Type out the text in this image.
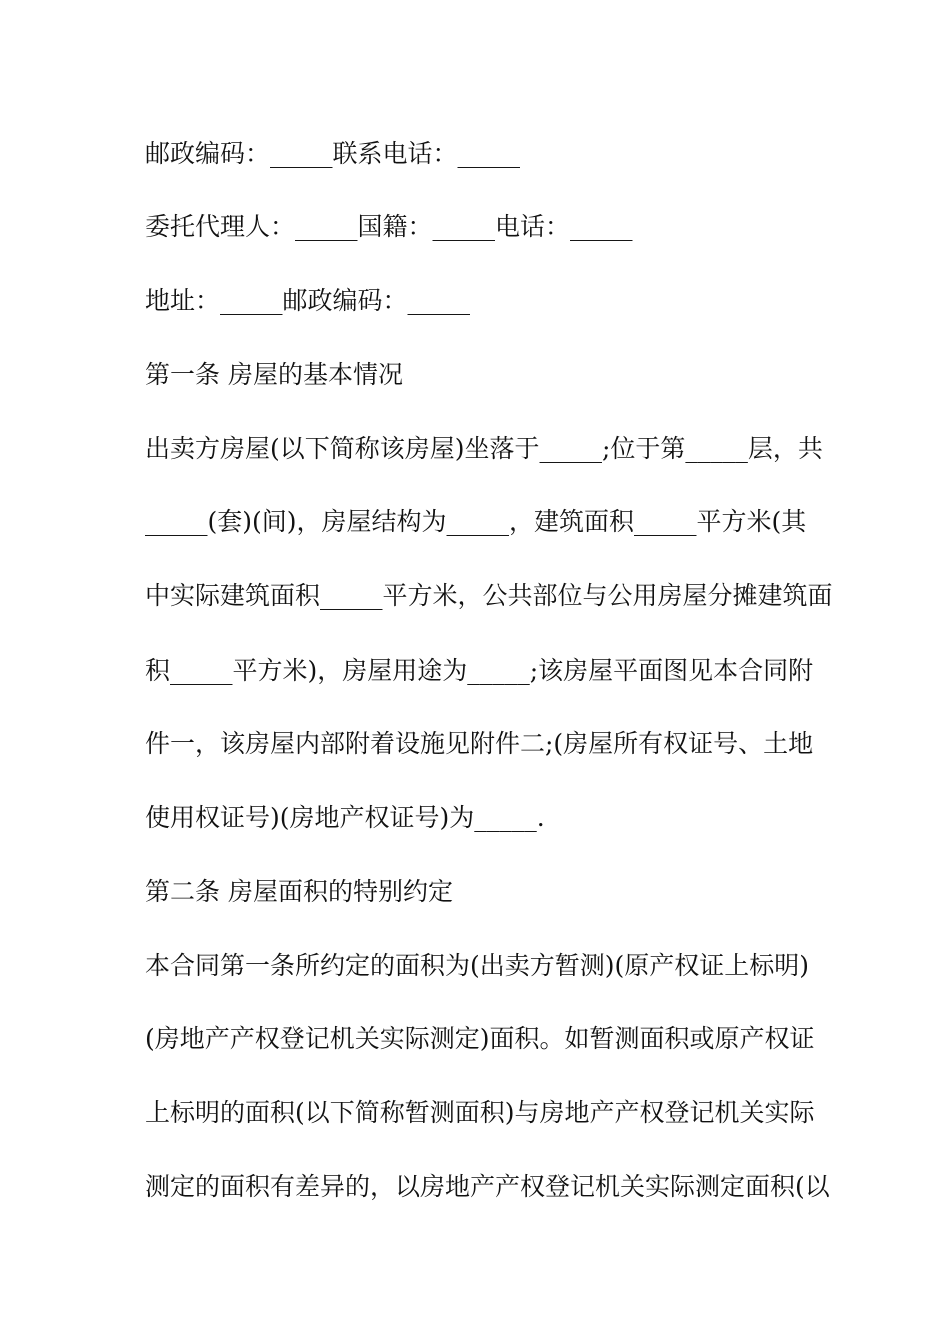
邮政编码：_____联系电话：_____
委托代理人：_____国籍：_____电话：_____
地址：_____邮政编码：_____
第一条 房屋的基本情况
出卖方房屋(以下简称该房屋)坐落于_____;位于第_____层，共
_____(套)(间)，房屋结构为_____，建筑面积_____平方米(其
中实际建筑面积_____平方米，公共部位与公用房屋分摊建筑面
积_____平方米)，房屋用途为_____;该房屋平面图见本合同附
件一，该房屋内部附着设施见附件二;(房屋所有权证号、土地
使用权证号)(房地产权证号)为_____.
第二条 房屋面积的特别约定
本合同第一条所约定的面积为(出卖方暂测)(原产权证上标明)
(房地产产权登记机关实际测定)面积。如暂测面积或原产权证
上标明的面积(以下简称暂测面积)与房地产产权登记机关实际
测定的面积有差异的，以房地产产权登记机关实际测定面积(以
